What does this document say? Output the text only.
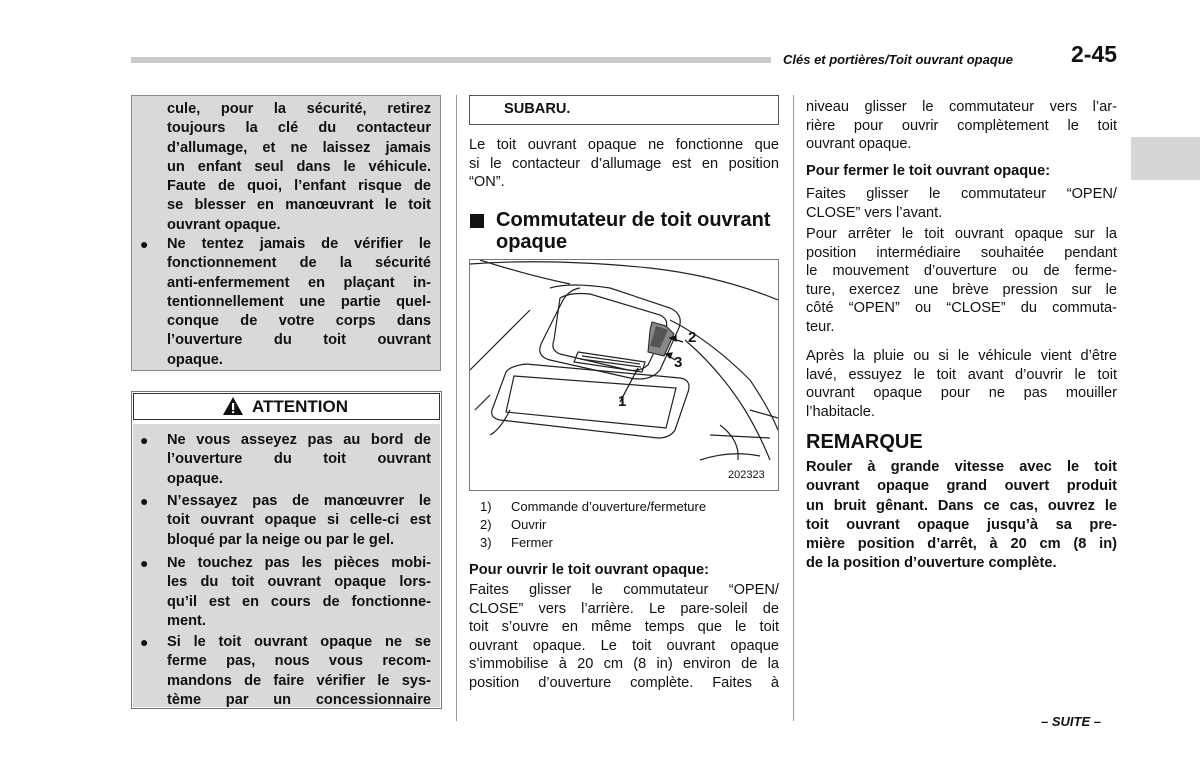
Clés et portières/Toit ouvrant opaque	2-45
cule, pour la sécurité, retirez
toujours la clé du contacteur
d’allumage, et ne laissez jamais
un enfant seul dans le véhicule.
Faute de quoi, l’enfant risque de
se blesser en manœuvrant le toit
ouvrant opaque.
● Ne tentez jamais de vérifier le
fonctionnement de la sécurité
anti-enfermement en plaçant in-
tentionnellement une partie quel-
conque de votre corps dans
l’ouverture du toit ouvrant
opaque.
ATTENTION
● Ne vous asseyez pas au bord de
l’ouverture du toit ouvrant
opaque.
● N’essayez pas de manœuvrer le
toit ouvrant opaque si celle-ci est
bloqué par la neige ou par le gel.
● Ne touchez pas les pièces mobi-
les du toit ouvrant opaque lors-
qu’il est en cours de fonctionne-
ment.
● Si le toit ouvrant opaque ne se
ferme pas, nous vous recom-
mandons de faire vérifier le sys-
tème par un concessionnaire
SUBARU.
Le toit ouvrant opaque ne fonctionne que
si le contacteur d’allumage est en position
“ON”.
Commutateur de toit ouvrant
opaque
2
3
1
202323
1) Commande d’ouverture/fermeture
2) Ouvrir
3) Fermer
Pour ouvrir le toit ouvrant opaque:
Faites glisser le commutateur “OPEN/
CLOSE” vers l’arrière. Le pare-soleil de
toit s’ouvre en même temps que le toit
ouvrant opaque. Le toit ouvrant opaque
s’immobilise à 20 cm (8 in) environ de la
position d’ouverture complète. Faites à
niveau glisser le commutateur vers l’ar-
rière pour ouvrir complètement le toit
ouvrant opaque.
Pour fermer le toit ouvrant opaque:
Faites glisser le commutateur “OPEN/
CLOSE” vers l’avant.
Pour arrêter le toit ouvrant opaque sur la
position intermédiaire souhaitée pendant
le mouvement d’ouverture ou de ferme-
ture, exercez une brève pression sur le
côté “OPEN” ou “CLOSE” du commuta-
teur.
Après la pluie ou si le véhicule vient d’être
lavé, essuyez le toit avant d’ouvrir le toit
ouvrant opaque pour ne pas mouiller
l’habitacle.
REMARQUE
Rouler à grande vitesse avec le toit
ouvrant opaque grand ouvert produit
un bruit gênant. Dans ce cas, ouvrez le
toit ouvrant opaque jusqu’à sa pre-
mière position d’arrêt, à 20 cm (8 in)
de la position d’ouverture complète.
– SUITE –
